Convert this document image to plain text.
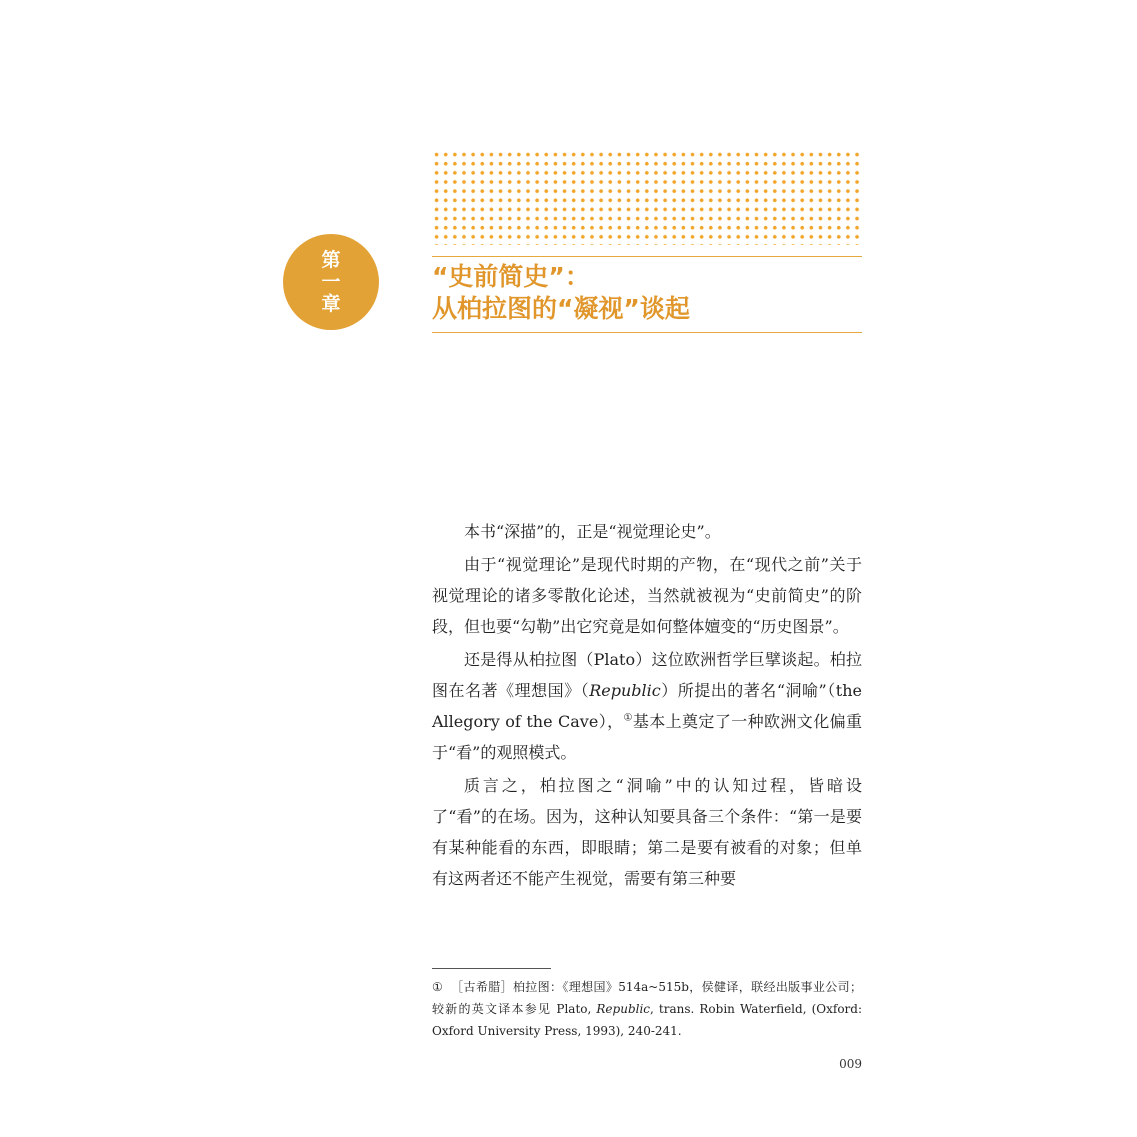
第一章
“史前简史”：
从柏拉图的“凝视”谈起

本书“深描”的，正是“视觉理论史”。

由于“视觉理论”是现代时期的产物，在“现代之前”关于视觉理论的诸多零散化论述，当然就被视为“史前简史”的阶段，但也要“勾勒”出它究竟是如何整体嬗变的“历史图景”。

还是得从柏拉图（Plato）这位欧洲哲学巨擘谈起。柏拉图在名著《理想国》（Republic）所提出的著名“洞喻”（the Allegory of the Cave），①基本上奠定了一种欧洲文化偏重于“看”的观照模式。

质言之，柏拉图之“洞喻”中的认知过程，皆暗设了“看”的在场。因为，这种认知要具备三个条件：“第一是要有某种能看的东西，即眼睛；第二是要有被看的对象；但单有这两者还不能产生视觉，需要有第三种要

① ［古希腊］柏拉图：《理想国》514a~515b，侯健译，联经出版事业公司；较新的英文译本参见 Plato, Republic, trans. Robin Waterfield, (Oxford: Oxford University Press, 1993), 240-241.
009
